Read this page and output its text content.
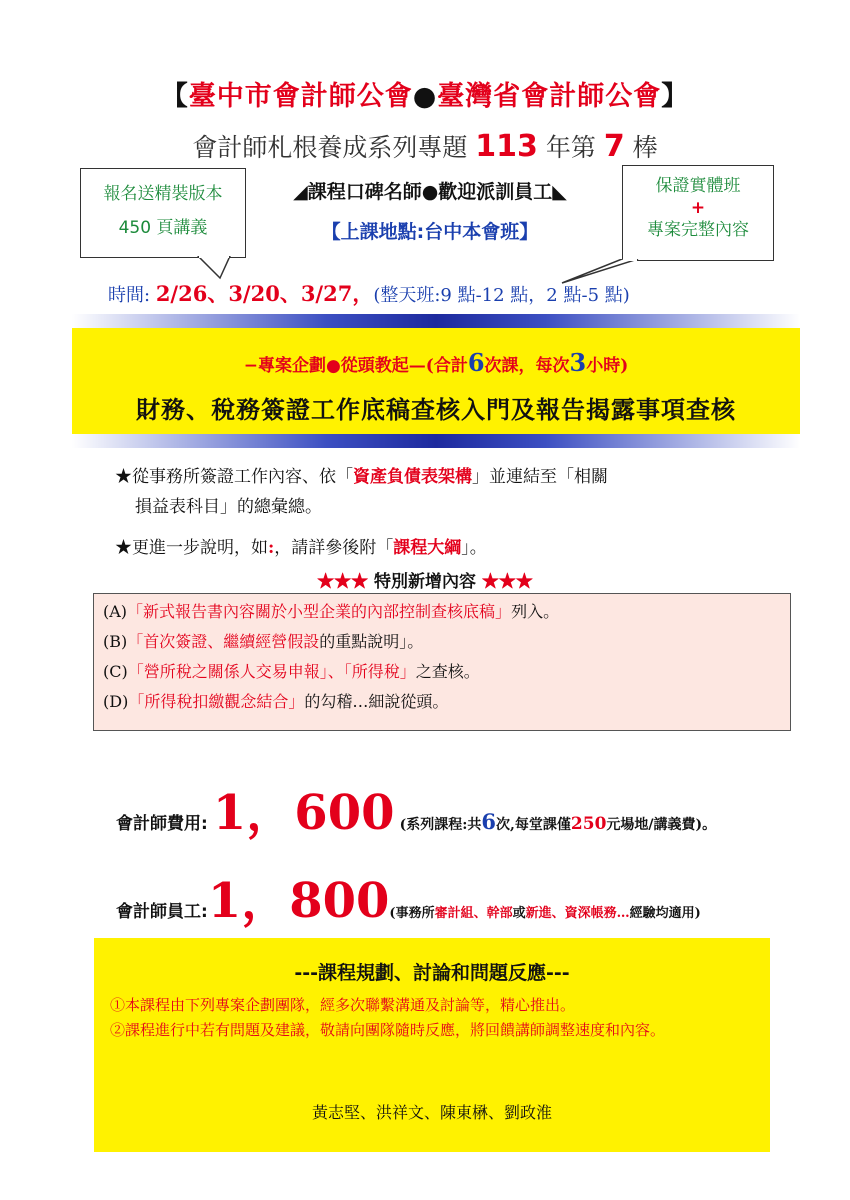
【臺中市會計師公會●臺灣省會計師公會】
會計師札根養成系列專題 113 年第 7 棒
報名送精裝版本
450 頁講義
保證實體班
+
專案完整內容
◢課程口碑名師●歡迎派訓員工◣
【上課地點:台中本會班】
時間: 2/26、3/20、3/27，(整天班:9 點-12 點，2 點-5 點)
−專案企劃●從頭教起—(合計6次課，每次3小時)
財務、稅務簽證工作底稿查核入門及報告揭露事項查核
★從事務所簽證工作內容、依「資產負債表架構」並連結至「相關
損益表科目」的總彙總。
★更進一步說明，如:，請詳參後附「課程大綱」。
★★★ 特別新增內容 ★★★
(A)「新式報告書內容關於小型企業的內部控制查核底稿」列入。
(B)「首次簽證、繼續經營假設的重點說明」。
(C)「營所稅之關係人交易申報」、「所得稅」之查核。
(D)「所得稅扣繳觀念結合」的勾稽…細說從頭。
會計師費用: 1，600 (系列課程:共6次,每堂課僅250元場地/講義費)。
會計師員工:1，800(事務所審計組、幹部或新進、資深帳務…經驗均適用)
---課程規劃、討論和問題反應---
①本課程由下列專案企劃團隊，經多次聯繫溝通及討論等，精心推出。
②課程進行中若有問題及建議，敬請向團隊隨時反應，將回饋講師調整速度和內容。
黃志堅、洪祥文、陳東楙、劉政淮
